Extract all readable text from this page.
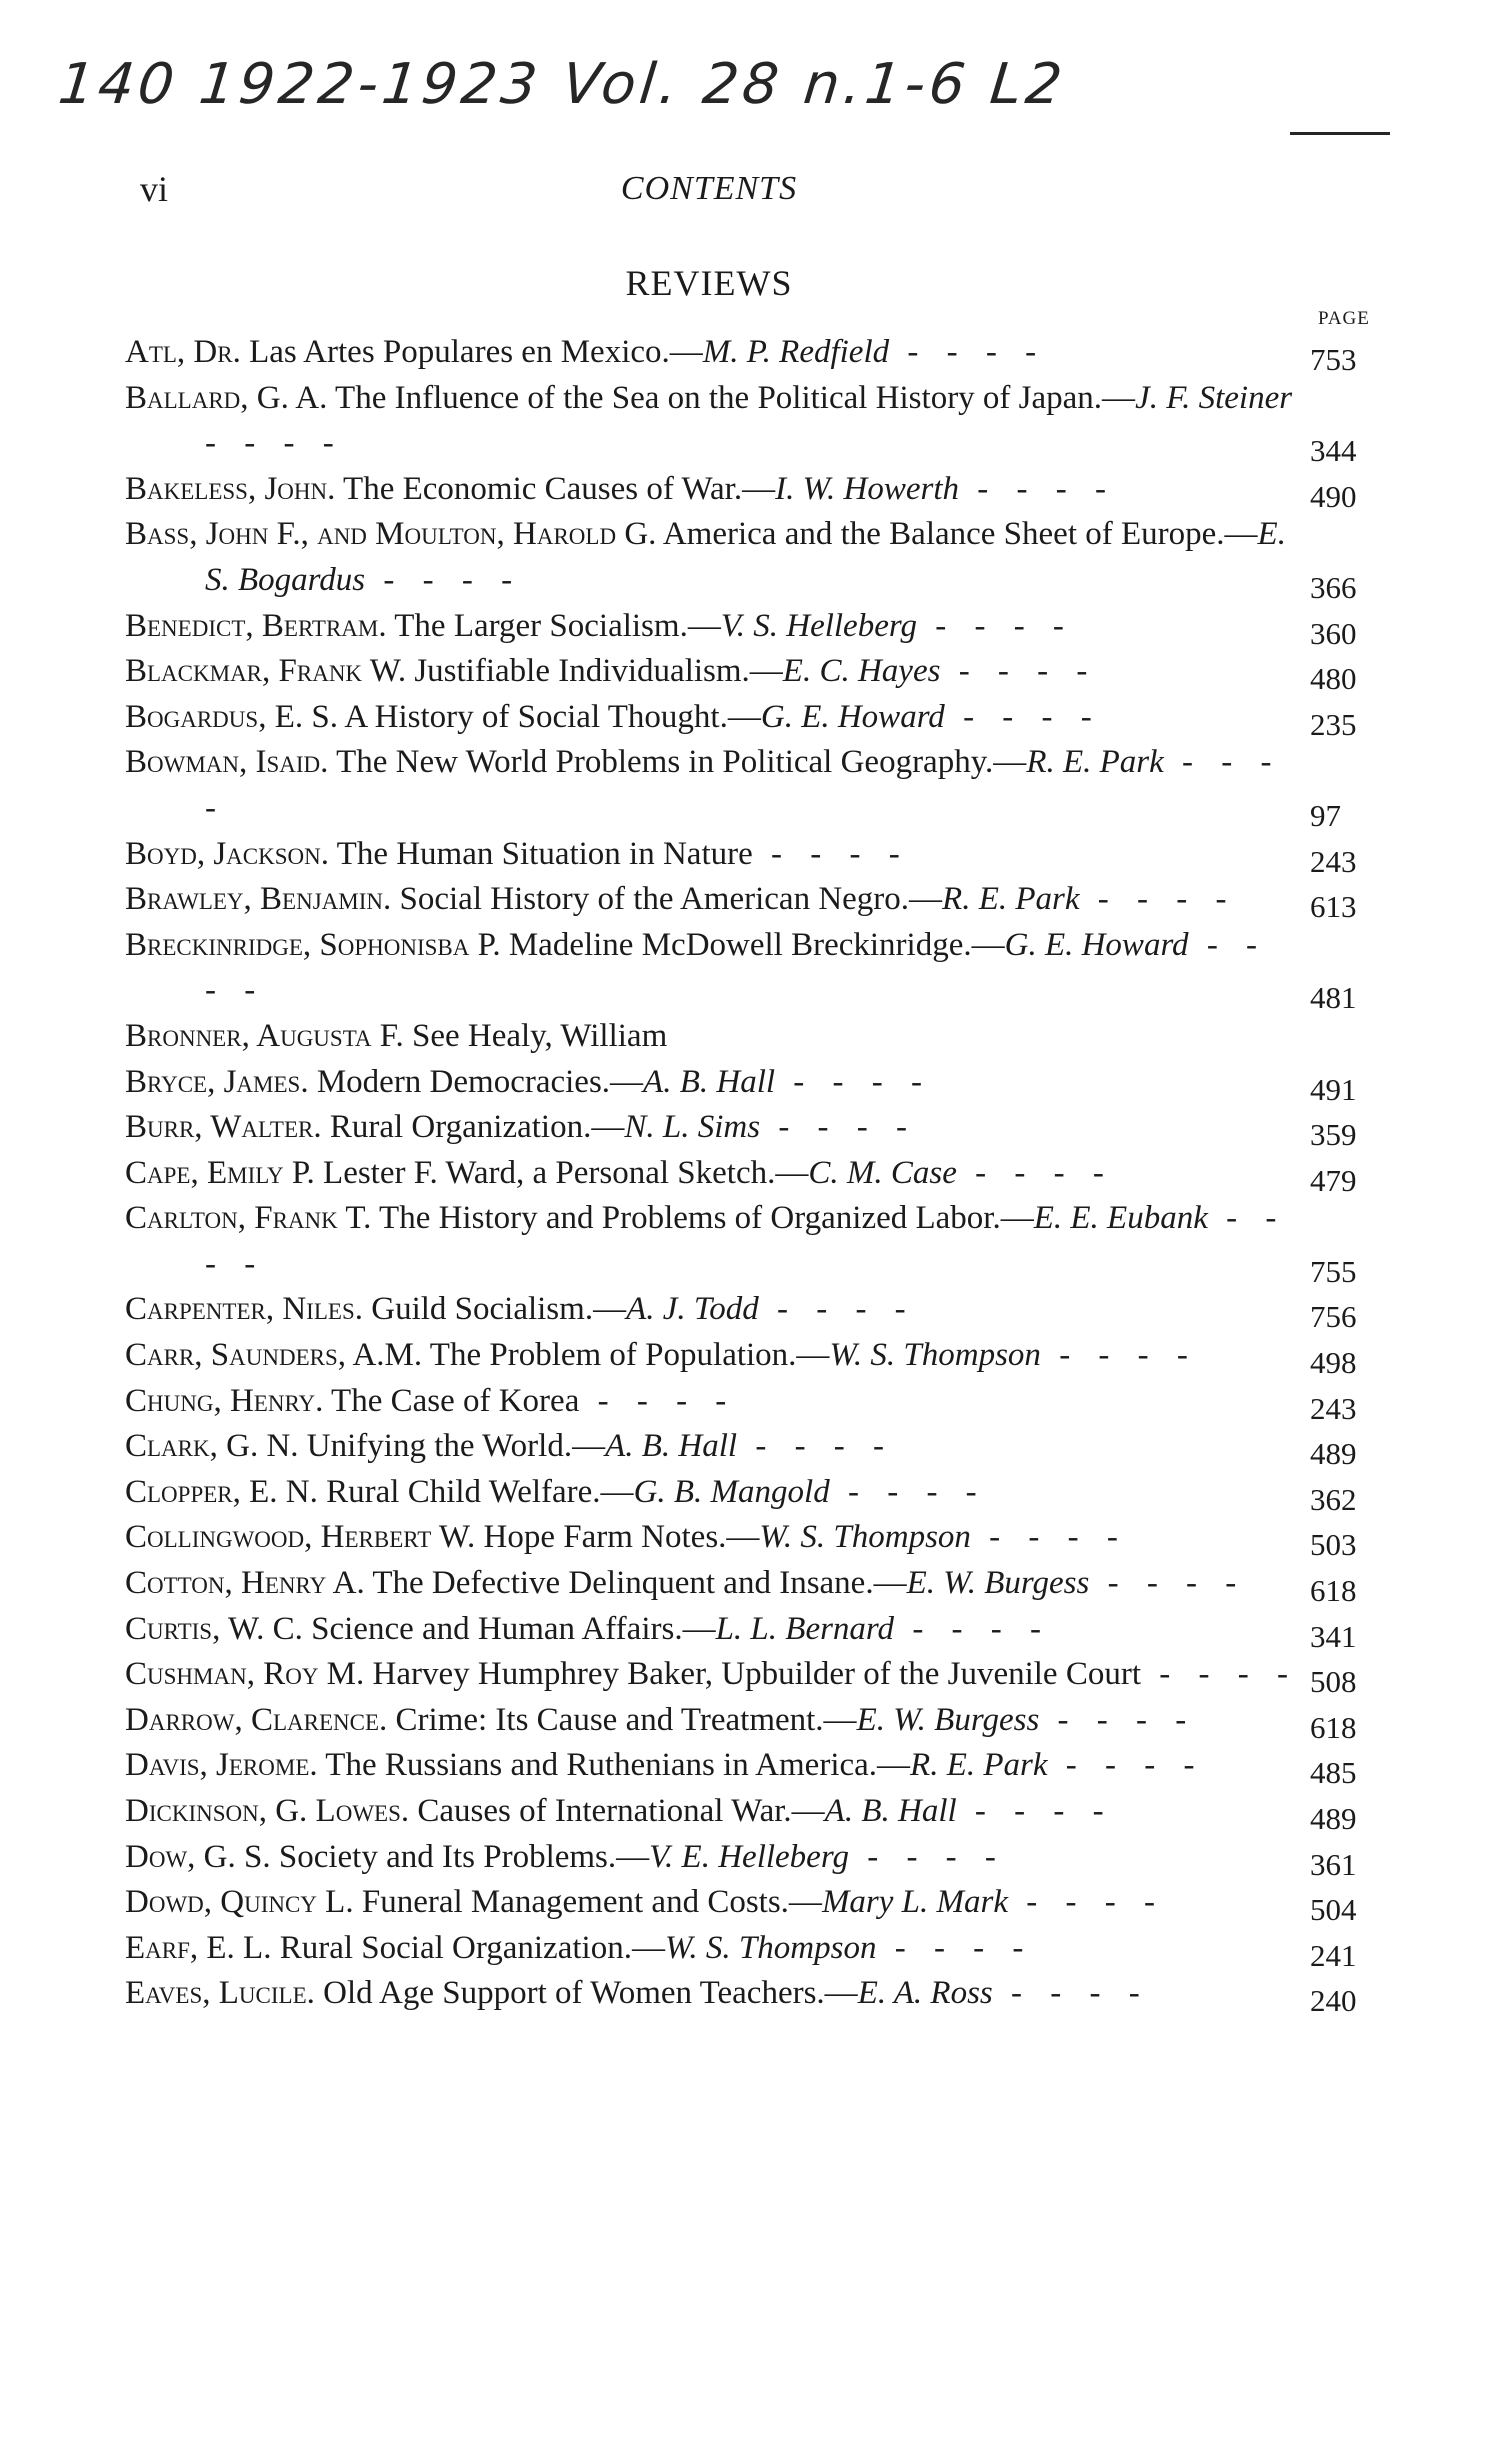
140 1922-1923 Vol. 28 n.1-6 L2
vi	CONTENTS
REVIEWS
PAGE
Atl, Dr. Las Artes Populares en Mexico.—M. P. Redfield - - - -	753
Ballard, G. A. The Influence of the Sea on the Political History of Japan.—J. F. Steiner - - - -	344
Bakeless, John. The Economic Causes of War.—I. W. Howerth - - - -	490
Bass, John F., and Moulton, Harold G. America and the Balance Sheet of Europe.—E. S. Bogardus - - - -	366
Benedict, Bertram. The Larger Socialism.—V. S. Helleberg - - - -	360
Blackmar, Frank W. Justifiable Individualism.—E. C. Hayes - - - -	480
Bogardus, E. S. A History of Social Thought.—G. E. Howard - - - -	235
Bowman, Isaid. The New World Problems in Political Geography.—R. E. Park - - - -	97
Boyd, Jackson. The Human Situation in Nature - - - -	243
Brawley, Benjamin. Social History of the American Negro.—R. E. Park - - - - 613
Breckinridge, Sophonisba P. Madeline McDowell Breckinridge.—G. E. Howard - - - -	481
Bronner, Augusta F. See Healy, William
Bryce, James. Modern Democracies.—A. B. Hall - - - -	491
Burr, Walter. Rural Organization.—N. L. Sims - - - -	359
Cape, Emily P. Lester F. Ward, a Personal Sketch.—C. M. Case - - - -	479
Carlton, Frank T. The History and Problems of Organized Labor.—E. E. Eubank - - - -	755
Carpenter, Niles. Guild Socialism.—A. J. Todd - - - -	756
Carr, Saunders, A.M. The Problem of Population.—W. S. Thompson - - - -	498
Chung, Henry. The Case of Korea - - - -	243
Clark, G. N. Unifying the World.—A. B. Hall - - - -	489
Clopper, E. N. Rural Child Welfare.—G. B. Mangold - - - -	362
Collingwood, Herbert W. Hope Farm Notes.—W. S. Thompson - - - -	503
Cotton, Henry A. The Defective Delinquent and Insane.—E. W. Burgess - - - - 618
Curtis, W. C. Science and Human Affairs.—L. L. Bernard - - - -	341
Cushman, Roy M. Harvey Humphrey Baker, Upbuilder of the Juvenile Court - - - - 508
Darrow, Clarence. Crime: Its Cause and Treatment.—E. W. Burgess - - - -	618
Davis, Jerome. The Russians and Ruthenians in America.—R. E. Park - - - -	485
Dickinson, G. Lowes. Causes of International War.—A. B. Hall - - - -	489
Dow, G. S. Society and Its Problems.—V. E. Helleberg - - - -	361
Dowd, Quincy L. Funeral Management and Costs.—Mary L. Mark - - - -	504
Earf, E. L. Rural Social Organization.—W. S. Thompson - - - -	241
Eaves, Lucile. Old Age Support of Women Teachers.—E. A. Ross - - - -	240
